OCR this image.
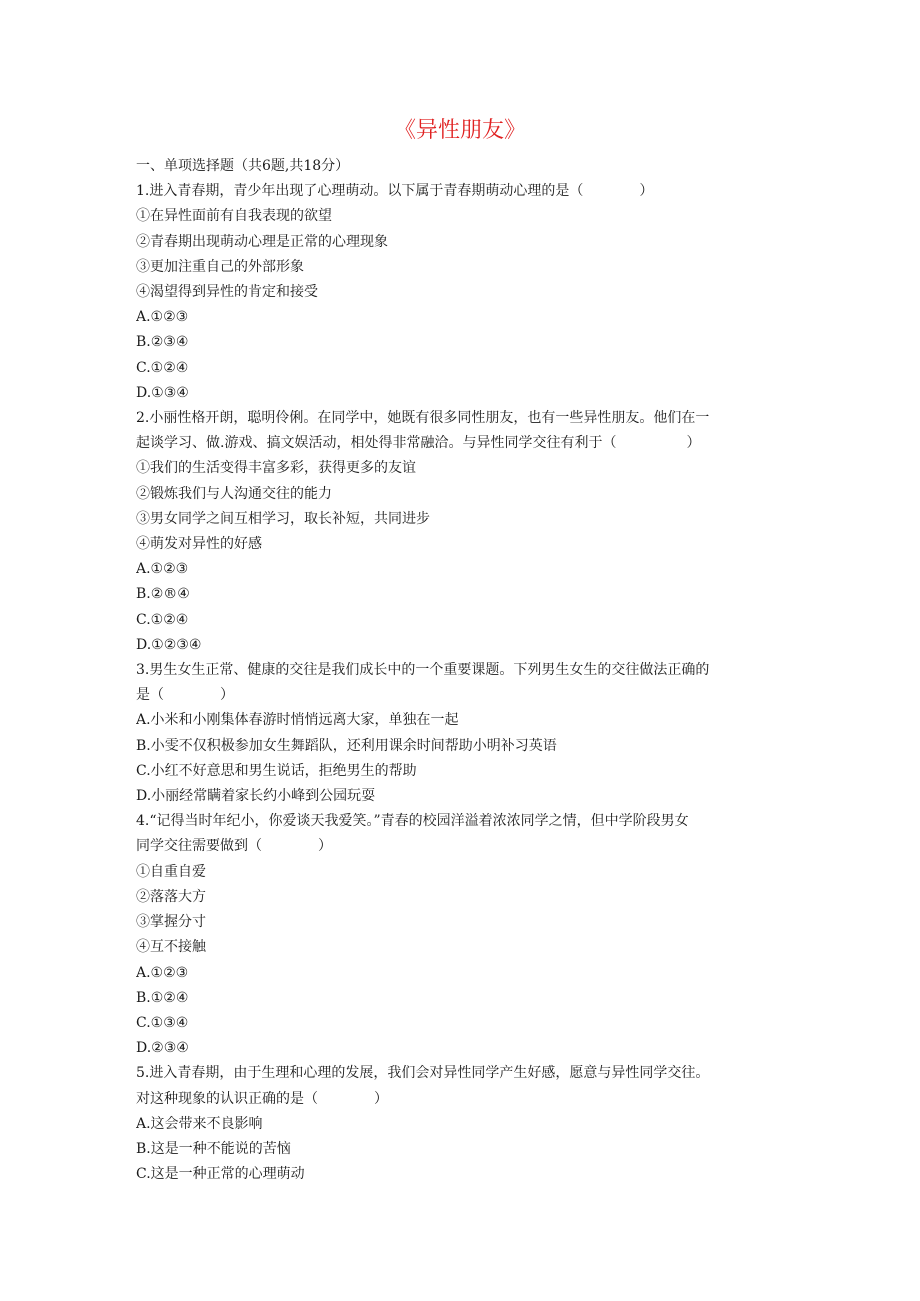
《异性朋友》
一、单项选择题（共6题,共18分）
1.进入青春期，青少年出现了心理萌动。以下属于青春期萌动心理的是（　　　　）
①在异性面前有自我表现的欲望
②青春期出现萌动心理是正常的心理现象
③更加注重自己的外部形象
④渴望得到异性的肯定和接受
A.①②③
B.②③④
C.①②④
D.①③④
2.小丽性格开朗，聪明伶俐。在同学中，她既有很多同性朋友，也有一些异性朋友。他们在一
起谈学习、做.游戏、搞文娱活动，相处得非常融洽。与异性同学交往有利于（　　　　　）
①我们的生活变得丰富多彩，获得更多的友谊
②锻炼我们与人沟通交往的能力
③男女同学之间互相学习，取长补短，共同进步
④萌发对异性的好感
A.①②③
B.②®④
C.①②④
D.①②③④
3.男生女生正常、健康的交往是我们成长中的一个重要课题。下列男生女生的交往做法正确的
是（　　　　）
A.小米和小刚集体春游时悄悄远离大家，单独在一起
B.小雯不仅积极参加女生舞蹈队，还利用课余时间帮助小明补习英语
C.小红不好意思和男生说话，拒绝男生的帮助
D.小丽经常瞒着家长约小峰到公园玩耍
4.“记得当时年纪小，你爱谈天我爱笑。”青春的校园洋溢着浓浓同学之情，但中学阶段男女
同学交往需要做到（　　　　）
①自重自爱
②落落大方
③掌握分寸
④互不接触
A.①②③
B.①②④
C.①③④
D.②③④
5.进入青春期，由于生理和心理的发展，我们会对异性同学产生好感，愿意与异性同学交往。
对这种现象的认识正确的是（　　　　）
A.这会带来不良影响
B.这是一种不能说的苦恼
C.这是一种正常的心理萌动
